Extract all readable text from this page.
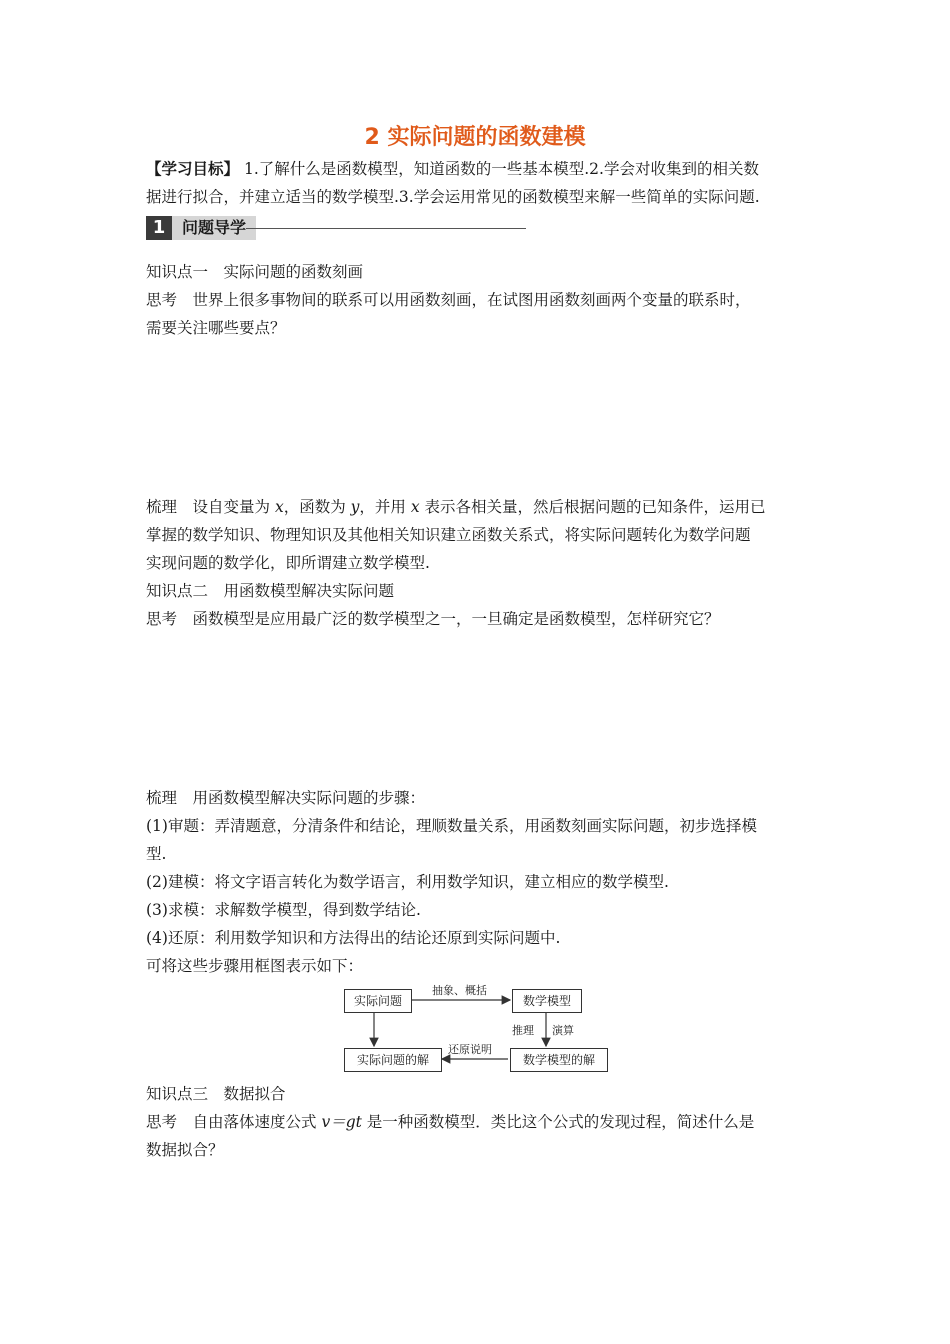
2 实际问题的函数建模
【学习目标】 1.了解什么是函数模型，知道函数的一些基本模型.2.学会对收集到的相关数
据进行拟合，并建立适当的数学模型.3.学会运用常见的函数模型来解一些简单的实际问题.
1	问题导学
知识点一　实际问题的函数刻画
思考　世界上很多事物间的联系可以用函数刻画，在试图用函数刻画两个变量的联系时，
需要关注哪些要点？
梳理　设自变量为 x，函数为 y，并用 x 表示各相关量，然后根据问题的已知条件，运用已
掌握的数学知识、物理知识及其他相关知识建立函数关系式，将实际问题转化为数学问题
实现问题的数学化，即所谓建立数学模型.
知识点二　用函数模型解决实际问题
思考　函数模型是应用最广泛的数学模型之一，一旦确定是函数模型，怎样研究它？
梳理　用函数模型解决实际问题的步骤：
(1)审题：弄清题意，分清条件和结论，理顺数量关系，用函数刻画实际问题，初步选择模
型.
(2)建模：将文字语言转化为数学语言，利用数学知识，建立相应的数学模型.
(3)求模：求解数学模型，得到数学结论.
(4)还原：利用数学知识和方法得出的结论还原到实际问题中.
可将这些步骤用框图表示如下：
实际问题	数学模型
实际问题的解	数学模型的解
抽象、概括
推理 演算
还原说明
知识点三　数据拟合
思考　自由落体速度公式 v＝gt 是一种函数模型．类比这个公式的发现过程，简述什么是
数据拟合？
